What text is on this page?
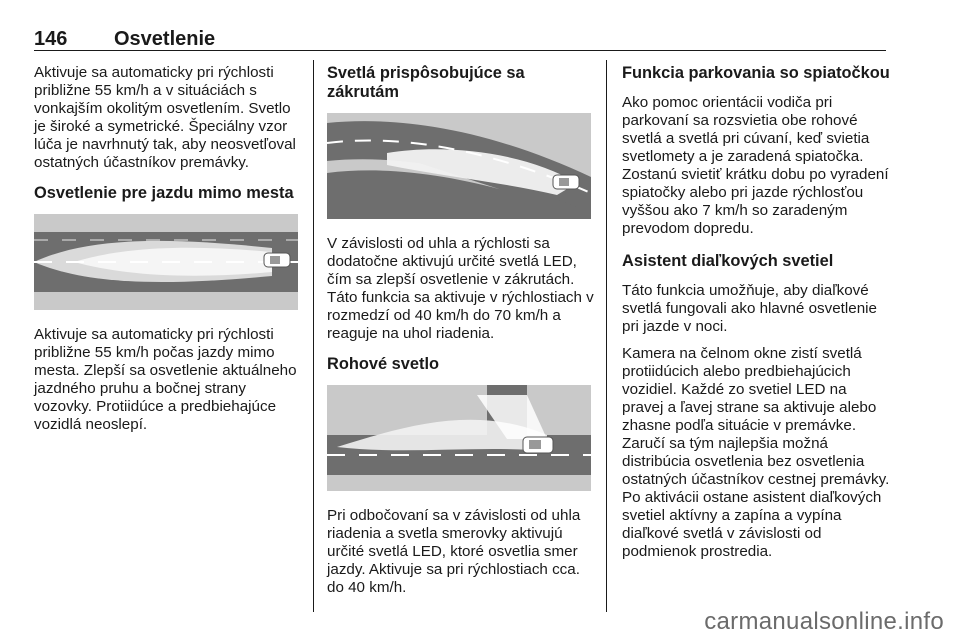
146 Osvetlenie

Aktivuje sa automaticky pri rýchlosti približne 55 km/h a v situáciách s vonkajším okolitým osvetlením. Svetlo je široké a symetrické. Špeciálny vzor lúča je navrhnutý tak, aby neosvetľoval ostatných účastníkov premávky.

Osvetlenie pre jazdu mimo mesta

Aktivuje sa automaticky pri rýchlosti približne 55 km/h počas jazdy mimo mesta. Zlepší sa osvetlenie aktuálneho jazdného pruhu a bočnej strany vozovky. Protiidúce a predbiehajúce vozidlá neoslepí.

Svetlá prispôsobujúce sa zákrutám

V závislosti od uhla a rýchlosti sa dodatočne aktivujú určité svetlá LED, čím sa zlepší osvetlenie v zákrutách. Táto funkcia sa aktivuje v rýchlostiach v rozmedzí od 40 km/h do 70 km/h a reaguje na uhol riadenia.

Rohové svetlo

Pri odbočovaní sa v závislosti od uhla riadenia a svetla smerovky aktivujú určité svetlá LED, ktoré osvetlia smer jazdy. Aktivuje sa pri rýchlostiach cca. do 40 km/h.

Funkcia parkovania so spiatočkou

Ako pomoc orientácii vodiča pri parkovaní sa rozsvietia obe rohové svetlá a svetlá pri cúvaní, keď svietia svetlomety a je zaradená spiatočka. Zostanú svietiť krátku dobu po vyradení spiatočky alebo pri jazde rýchlosťou vyššou ako 7 km/h so zaradeným prevodom dopredu.

Asistent diaľkových svetiel

Táto funkcia umožňuje, aby diaľkové svetlá fungovali ako hlavné osvetlenie pri jazde v noci.

Kamera na čelnom okne zistí svetlá protiidúcich alebo predbiehajúcich vozidiel. Každé zo svetiel LED na pravej a ľavej strane sa aktivuje alebo zhasne podľa situácie v premávke. Zaručí sa tým najlepšia možná distribúcia osvetlenia bez osvetlenia ostatných účastníkov cestnej premávky. Po aktivácii ostane asistent diaľkových svetiel aktívny a zapína a vypína diaľkové svetlá v závislosti od podmienok prostredia.

carmanualsonline.info
